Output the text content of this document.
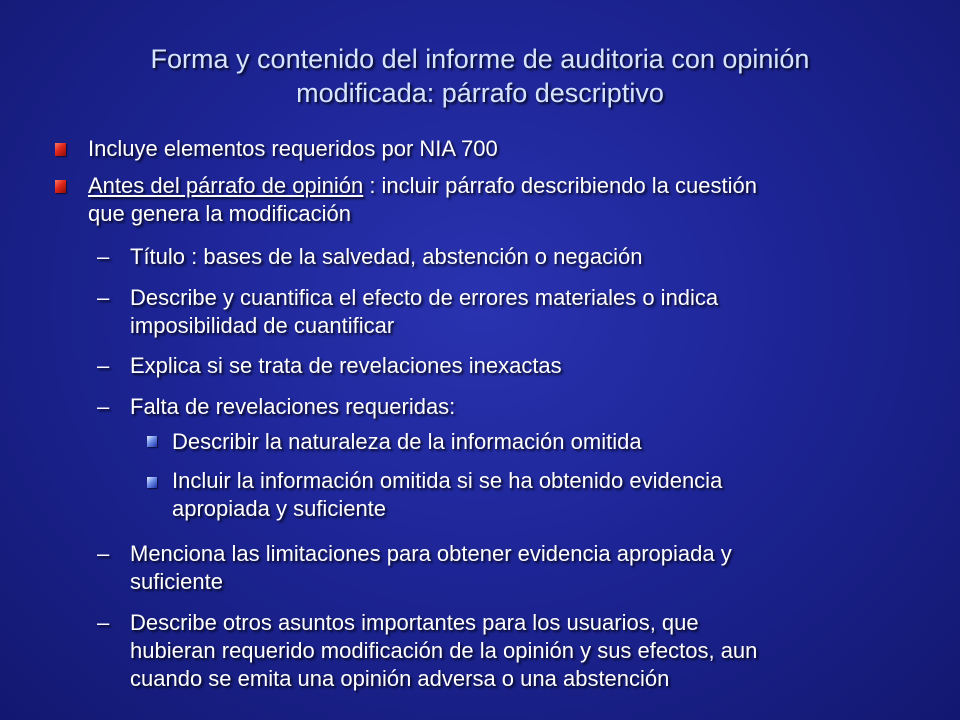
Forma y contenido del informe de auditoria con opinión
modificada: párrafo descriptivo
Incluye elementos requeridos por NIA 700
Antes del párrafo de opinión : incluir párrafo describiendo la cuestión
que genera la modificación
– Título : bases de la salvedad, abstención o negación
– Describe y cuantifica el efecto de errores materiales o indica
imposibilidad de cuantificar
– Explica si se trata de revelaciones inexactas
– Falta de revelaciones requeridas:
Describir la naturaleza de la información omitida
Incluir la información omitida si se ha obtenido evidencia
apropiada y suficiente
– Menciona las limitaciones para obtener evidencia apropiada y
suficiente
– Describe otros asuntos importantes para los usuarios, que
hubieran requerido modificación de la opinión y sus efectos, aun
cuando se emita una opinión adversa o una abstención
